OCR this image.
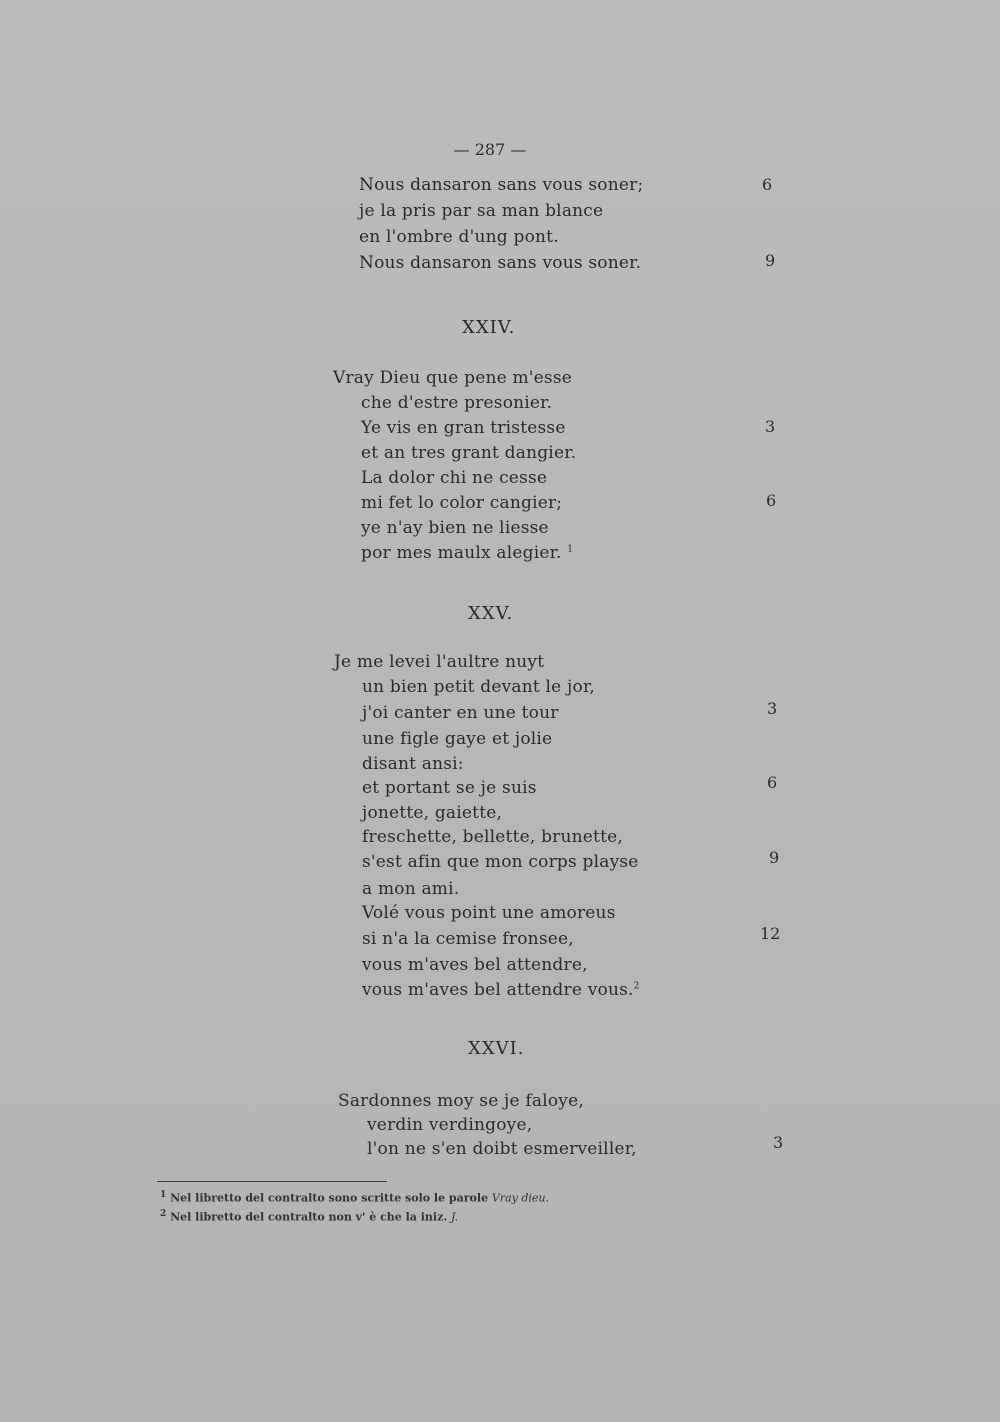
— 287 —
Nous dansaron sans vous soner;
je la pris par sa man blance
en l'ombre d'ung pont.
Nous dansaron sans vous soner.
6
9
XXIV.
Vray Dieu que pene m'esse
che d'estre presonier.
Ye vis en gran tristesse
et an tres grant dangier.
La dolor chi ne cesse
mi fet lo color cangier;
ye n'ay bien ne liesse
por mes maulx alegier. $^1$
3
6
XXV.
Je me levei l'aultre nuyt
un bien petit devant le jor,
j'oi canter en une tour
une figle gaye et jolie
disant ansi:
et portant se je suis
jonette, gaiette,
freschette, bellette, brunette,
s'est afin que mon corps playse
a mon ami.
Volé vous point une amoreus
si n'a la cemise fronsee,
vous m'aves bel attendre,
vous m'aves bel attendre vous.$^2$
3
6
9
12
XXVI.
Sardonnes moy se je faloye,
verdin verdingoye,
l'on ne s'en doibt esmerveiller,	3
$^1$ Nel libretto del contralto sono scritte solo le parole Vray dieu.
$^2$ Nel libretto del contralto non v' è che la iniz. J.
